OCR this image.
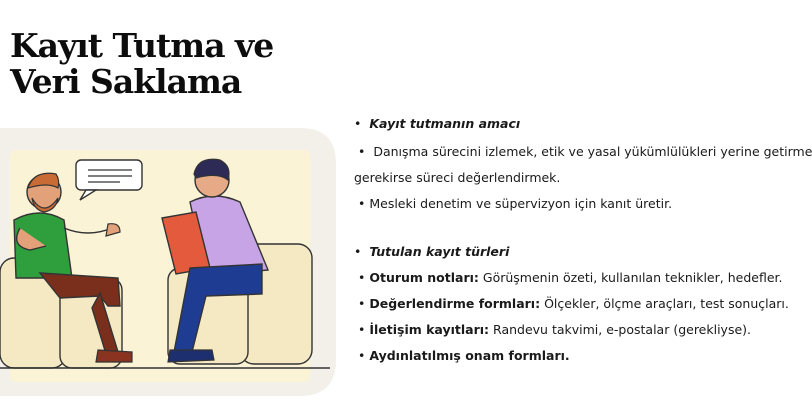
Kayıt Tutma ve Veri Saklama
• Kayıt tutmanın amacı
• Danışma sürecini izlemek, etik ve yasal yükümlülükleri yerine getirme
gerekirse süreci değerlendirmek.
• Mesleki denetim ve süpervizyon için kanıt üretir.
• Tutulan kayıt türleri
• Oturum notları: Görüşmenin özeti, kullanılan teknikler, hedefler.
• Değerlendirme formları: Ölçekler, ölçme araçları, test sonuçları.
• İletişim kayıtları: Randevu takvimi, e-postalar (gerekliyse).
• Aydınlatılmış onam formları.
